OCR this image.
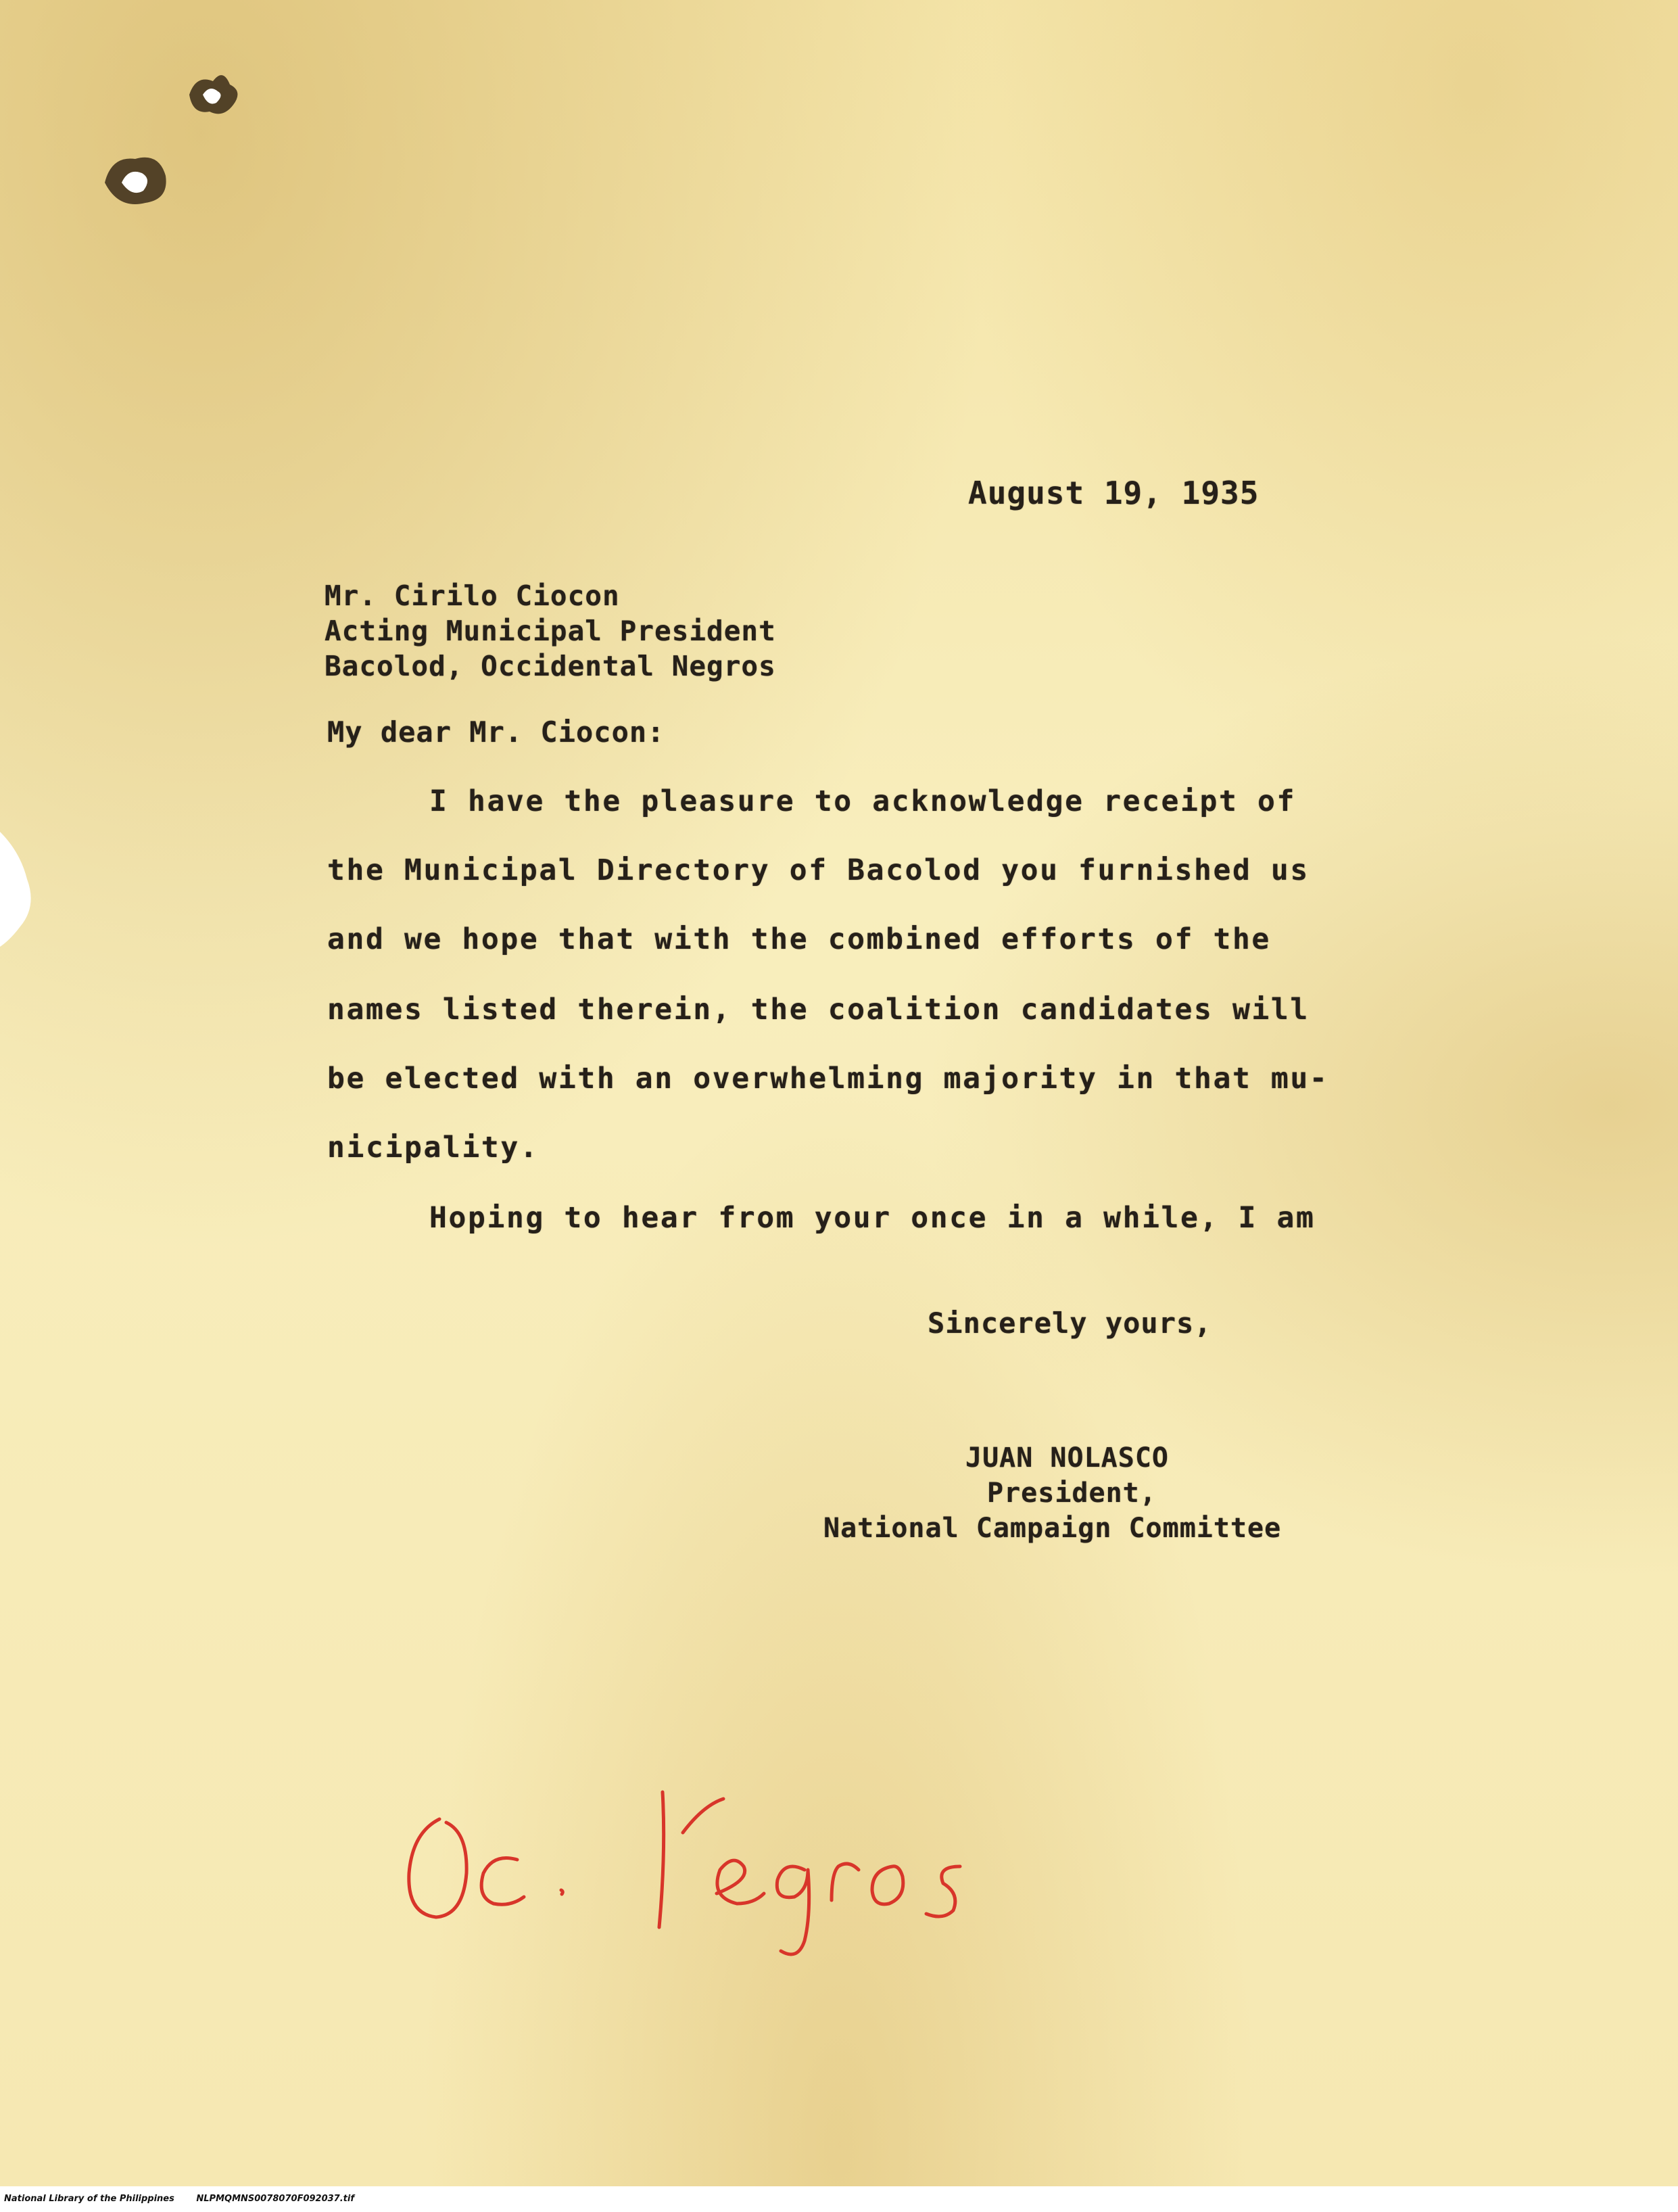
August 19, 1935
Mr. Cirilo Ciocon
Acting Municipal President
Bacolod, Occidental Negros
My dear Mr. Ciocon:
I have the pleasure to acknowledge receipt of
the Municipal Directory of Bacolod you furnished us
and we hope that with the combined efforts of the
names listed therein, the coalition candidates will
be elected with an overwhelming majority in that mu-
nicipality.
Hoping to hear from your once in a while, I am
Sincerely yours,
JUAN NOLASCO
President,
National Campaign Committee
National Library of the Philippines	NLPMQMNS0078070F092037.tif
